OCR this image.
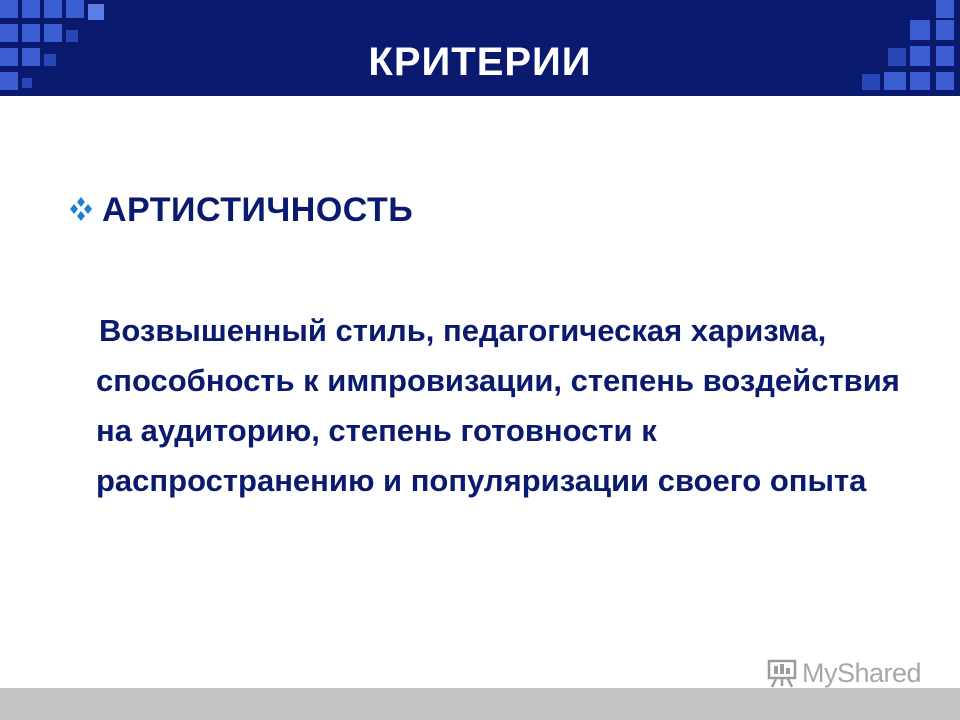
КРИТЕРИИ
АРТИСТИЧНОСТЬ
Возвышенный стиль, педагогическая харизма, способность к импровизации, степень воздействия на аудиторию, степень готовности к распространению и популяризации своего опыта
MyShared
